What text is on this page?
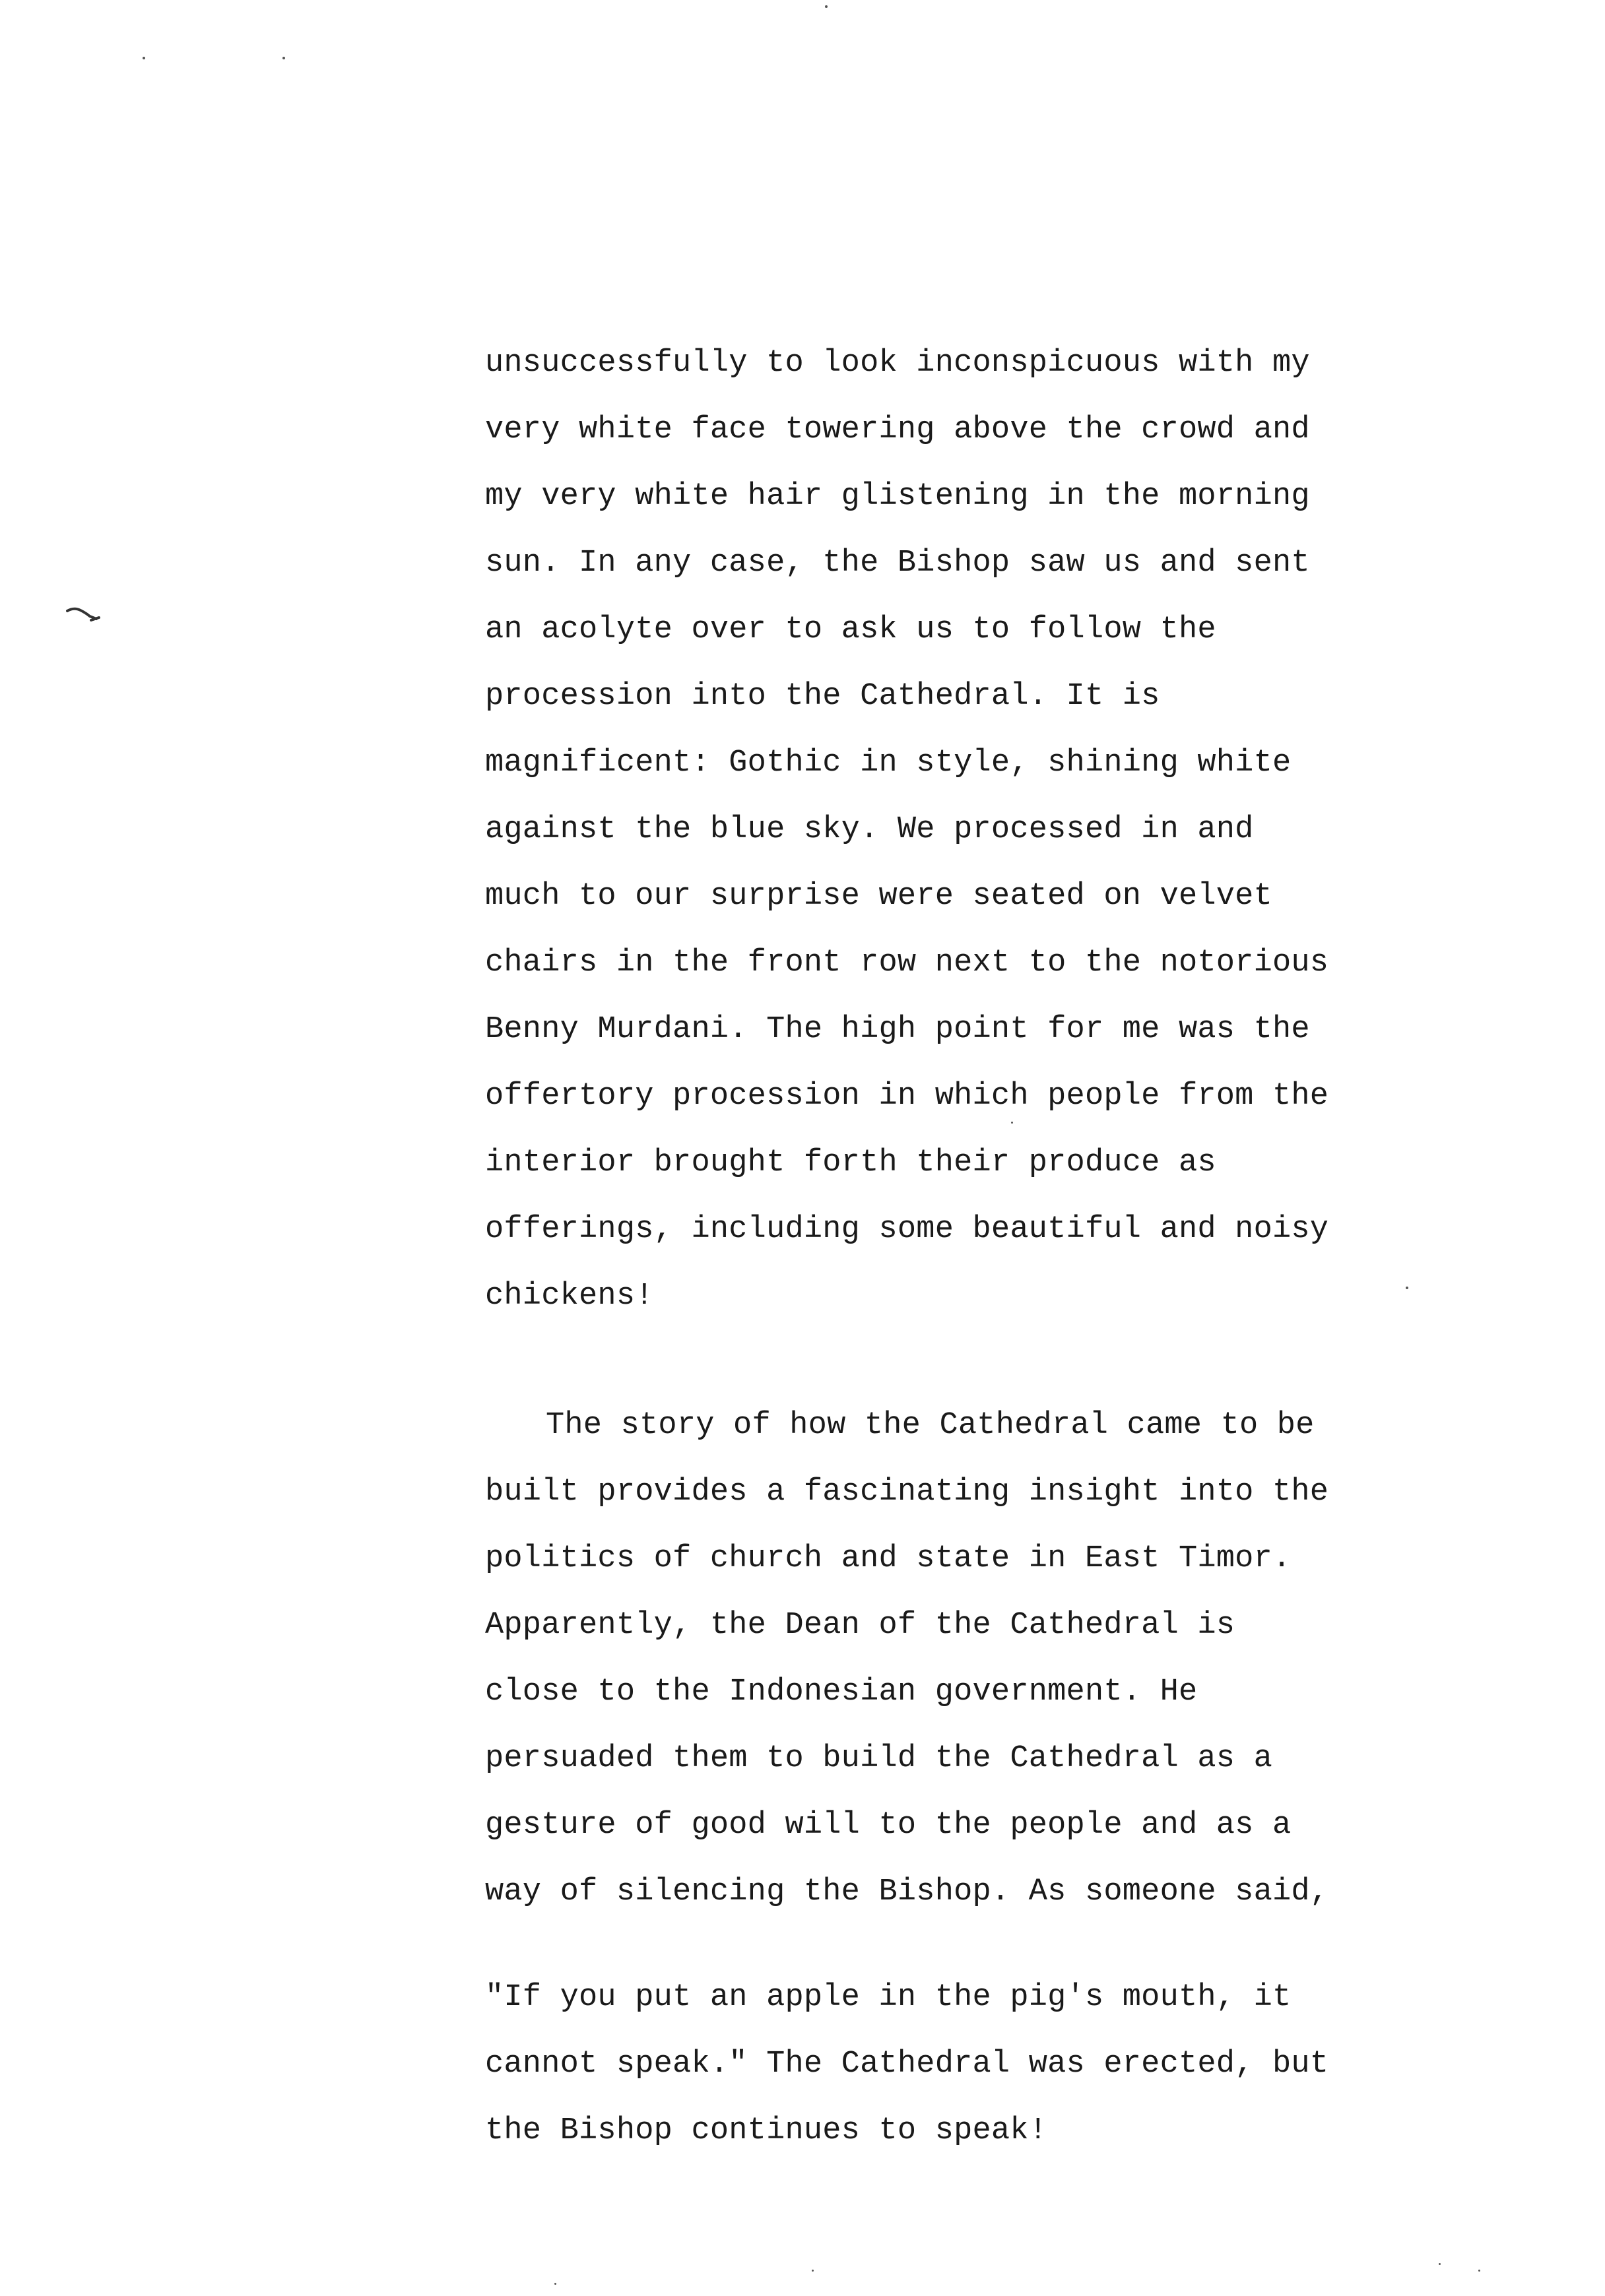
unsuccessfully to look inconspicuous with my
very white face towering above the crowd and
my very white hair glistening in the morning
sun. In any case, the Bishop saw us and sent
an acolyte over to ask us to follow the
procession into the Cathedral. It is
magnificent: Gothic in style, shining white
against the blue sky. We processed in and
much to our surprise were seated on velvet
chairs in the front row next to the notorious
Benny Murdani. The high point for me was the
offertory procession in which people from the
interior brought forth their produce as
offerings, including some beautiful and noisy
chickens!
The story of how the Cathedral came to be
built provides a fascinating insight into the
politics of church and state in East Timor.
Apparently, the Dean of the Cathedral is
close to the Indonesian government. He
persuaded them to build the Cathedral as a
gesture of good will to the people and as a
way of silencing the Bishop. As someone said,
"If you put an apple in the pig's mouth, it
cannot speak." The Cathedral was erected, but
the Bishop continues to speak!
